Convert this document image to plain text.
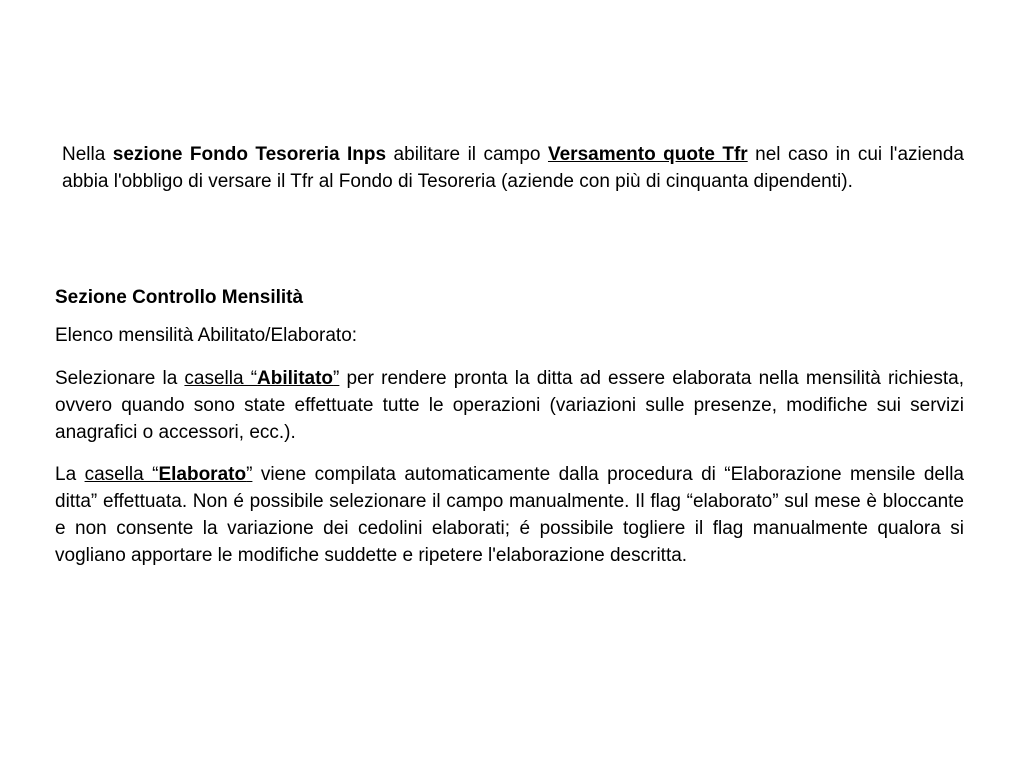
Nella sezione Fondo Tesoreria Inps abilitare il campo Versamento quote Tfr nel caso in cui l'azienda abbia l'obbligo di versare il Tfr al Fondo di Tesoreria (aziende con più di cinquanta dipendenti).

Sezione Controllo Mensilità

Elenco mensilità Abilitato/Elaborato:

Selezionare la casella “Abilitato” per rendere pronta la ditta ad essere elaborata nella mensilità richiesta, ovvero quando sono state effettuate tutte le operazioni (variazioni sulle presenze, modifiche sui servizi anagrafici o accessori, ecc.).

La casella “Elaborato” viene compilata automaticamente dalla procedura di “Elaborazione mensile della ditta” effettuata. Non é possibile selezionare il campo manualmente. Il flag “elaborato” sul mese è bloccante e non consente la variazione dei cedolini elaborati; é possibile togliere il flag manualmente qualora si vogliano apportare le modifiche suddette e ripetere l'elaborazione descritta.
